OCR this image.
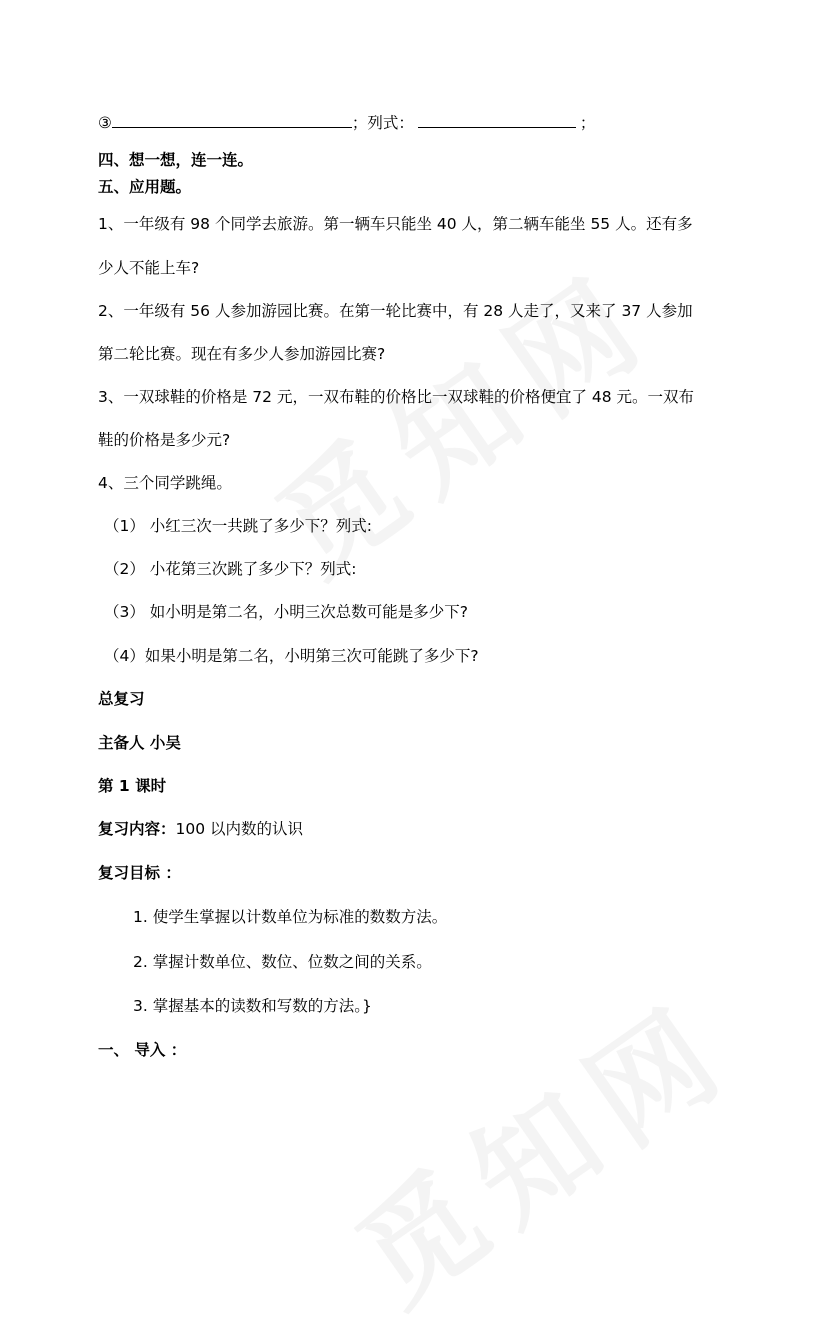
③	；列式：	；
四、想一想，连一连。
五、应用题。
1、一年级有 98 个同学去旅游。第一辆车只能坐 40 人，第二辆车能坐 55 人。还有多
少人不能上车?
2、一年级有 56 人参加游园比赛。在第一轮比赛中，有 28 人走了，又来了 37 人参加
第二轮比赛。现在有多少人参加游园比赛?
3、一双球鞋的价格是 72 元，一双布鞋的价格比一双球鞋的价格便宜了 48 元。一双布
鞋的价格是多少元?
4、三个同学跳绳。
（1） 小红三次一共跳了多少下？列式:
（2） 小花第三次跳了多少下？列式:
（3） 如小明是第二名，小明三次总数可能是多少下?
（4）如果小明是第二名，小明第三次可能跳了多少下?
总复习
主备人 小吴
第 1 课时
复习内容：100 以内数的认识
复习目标 ：
1. 使学生掌握以计数单位为标准的数数方法。
2. 掌握计数单位、数位、位数之间的关系。
3. 掌握基本的读数和写数的方法。}
一、 导入 ：
